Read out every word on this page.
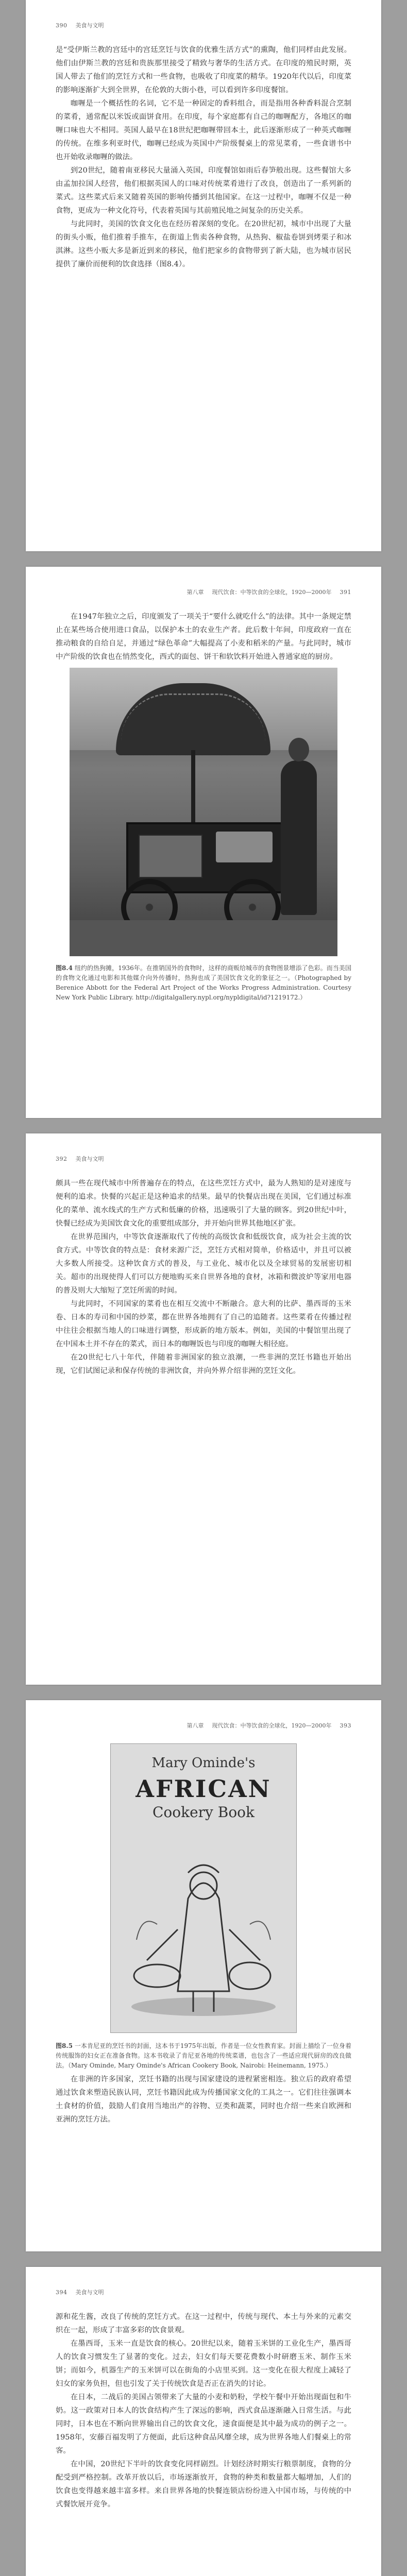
390 美食与文明

是“受伊斯兰教的宫廷中的宫廷烹饪与饮食的优雅生活方式”的熏陶，他们同样由此发展。他们由伊斯兰教的宫廷和贵族那里接受了精致与奢华的生活方式。在印度的殖民时期，英国人带去了他们的烹饪方式和一些食物，也吸收了印度菜的精华。1920年代以后，印度菜的影响逐渐扩大到全世界，在伦敦的大街小巷，可以看到许多印度餐馆。

咖喱是一个概括性的名词，它不是一种固定的香料组合，而是指用各种香料混合烹制的菜肴，通常配以米饭或面饼食用。在印度，每个家庭都有自己的咖喱配方，各地区的咖喱口味也大不相同。英国人最早在18世纪把咖喱带回本土，此后逐渐形成了一种英式咖喱的传统。在维多利亚时代，咖喱已经成为英国中产阶级餐桌上的常见菜肴，一些食谱书中也开始收录咖喱的做法。

到20世纪，随着南亚移民大量涌入英国，印度餐馆如雨后春笋般出现。这些餐馆大多由孟加拉国人经营，他们根据英国人的口味对传统菜肴进行了改良，创造出了一系列新的菜式。这些菜式后来又随着英国的影响传播到其他国家。在这一过程中，咖喱不仅是一种食物，更成为一种文化符号，代表着英国与其前殖民地之间复杂的历史关系。

与此同时，美国的饮食文化也在经历着深刻的变化。在20世纪初，城市中出现了大量的街头小贩，他们推着手推车，在街道上售卖各种食物，从热狗、椒盐卷饼到烤栗子和冰淇淋。这些小贩大多是新近到来的移民，他们把家乡的食物带到了新大陆，也为城市居民提供了廉价而便利的饮食选择（图8.4）。

第八章 现代饮食：中等饮食的全球化，1920—2000年 391

在1947年独立之后，印度颁发了一项关于“要什么就吃什么”的法律。其中一条规定禁止在某些场合使用进口食品，以保护本土的农业生产者。此后数十年间，印度政府一直在推动粮食的自给自足，并通过“绿色革命”大幅提高了小麦和稻米的产量。与此同时，城市中产阶级的饮食也在悄然变化，西式的面包、饼干和软饮料开始进入普通家庭的厨房。

图8.4 纽约的热狗摊，1936年。在推销国外的食物时，这样的商贩给城市的食物图景增添了色彩。而当美国的食物文化通过电影和其他媒介向外传播时，热狗也成了美国饮食文化的象征之一。（Photographed by Berenice Abbott for the Federal Art Project of the Works Progress Administration. Courtesy New York Public Library. http://digitalgallery.nypl.org/nypldigital/id?1219172.）

392 美食与文明

颇具一些在现代城市中所普遍存在的特点，在这些烹饪方式中，最为人熟知的是对速度与便利的追求。快餐的兴起正是这种追求的结果。最早的快餐店出现在美国，它们通过标准化的菜单、流水线式的生产方式和低廉的价格，迅速吸引了大量的顾客。到20世纪中叶，快餐已经成为美国饮食文化的重要组成部分，并开始向世界其他地区扩张。

在世界范围内，中等饮食逐渐取代了传统的高级饮食和低级饮食，成为社会主流的饮食方式。中等饮食的特点是：食材来源广泛，烹饪方式相对简单，价格适中，并且可以被大多数人所接受。这种饮食方式的普及，与工业化、城市化以及全球贸易的发展密切相关。超市的出现使得人们可以方便地购买来自世界各地的食材，冰箱和微波炉等家用电器的普及则大大缩短了烹饪所需的时间。

与此同时，不同国家的菜肴也在相互交流中不断融合。意大利的比萨、墨西哥的玉米卷、日本的寿司和中国的炒菜，都在世界各地拥有了自己的追随者。这些菜肴在传播过程中往往会根据当地人的口味进行调整，形成新的地方版本。例如，美国的中餐馆里出现了在中国本土并不存在的菜式，而日本的咖喱饭也与印度的咖喱大相径庭。

在20世纪七八十年代，伴随着非洲国家的独立浪潮，一些非洲的烹饪书籍也开始出现，它们试图记录和保存传统的非洲饮食，并向外界介绍非洲的烹饪文化。

第八章 现代饮食：中等饮食的全球化，1920—2000年 393
Mary Ominde's
AFRICAN
Cookery Book

图8.5 一本肯尼亚的烹饪书的封面，这本书于1975年出版，作者是一位女性教育家。封面上描绘了一位身着传统服饰的妇女正在准备食物。这本书收录了肯尼亚各地的传统菜谱，也包含了一些适应现代厨房的改良做法。（Mary Ominde, Mary Ominde's African Cookery Book, Nairobi: Heinemann, 1975.）

在非洲的许多国家，烹饪书籍的出现与国家建设的进程紧密相连。独立后的政府希望通过饮食来塑造民族认同，烹饪书籍因此成为传播国家文化的工具之一。它们往往强调本土食材的价值，鼓励人们食用当地出产的谷物、豆类和蔬菜，同时也介绍一些来自欧洲和亚洲的烹饪方法。

394 美食与文明

源和花生酱，改良了传统的烹饪方式。在这一过程中，传统与现代、本土与外来的元素交织在一起，形成了丰富多彩的饮食景观。

在墨西哥，玉米一直是饮食的核心。20世纪以来，随着玉米饼的工业化生产，墨西哥人的饮食习惯发生了显著的变化。过去，妇女们每天要花费数小时研磨玉米、制作玉米饼；而如今，机器生产的玉米饼可以在街角的小店里买到。这一变化在很大程度上减轻了妇女的家务负担，但也引发了关于传统饮食是否正在消失的讨论。

在日本，二战后的美国占领带来了大量的小麦和奶粉，学校午餐中开始出现面包和牛奶。这一政策对日本人的饮食结构产生了深远的影响，西式食品逐渐融入日常生活。与此同时，日本也在不断向世界输出自己的饮食文化，速食面便是其中最为成功的例子之一。1958年，安藤百福发明了方便面，此后这种食品风靡全球，成为世界各地人们餐桌上的常客。

在中国，20世纪下半叶的饮食变化同样剧烈。计划经济时期实行粮票制度，食物的分配受到严格控制。改革开放以后，市场逐渐放开，食物的种类和数量都大幅增加，人们的饮食也变得越来越丰富多样。来自世界各地的快餐连锁店纷纷进入中国市场，与传统的中式餐饮展开竞争。
